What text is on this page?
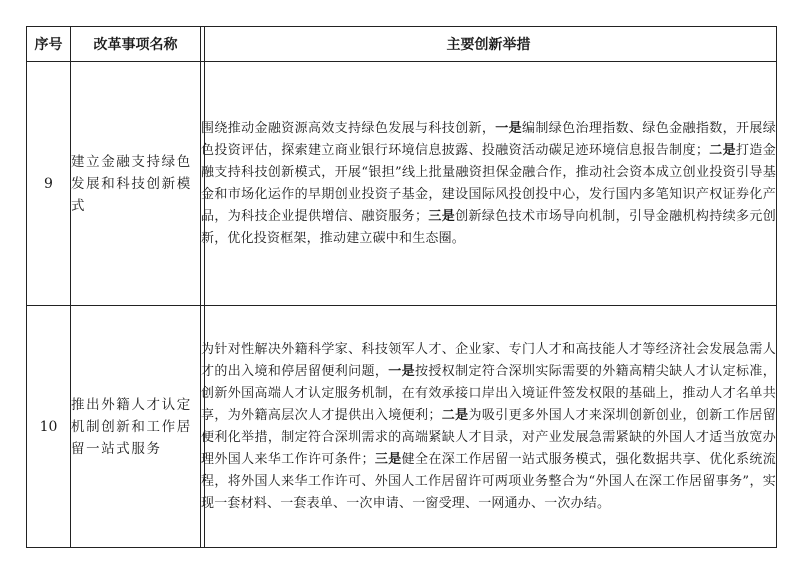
序号	改革事项名称	主要创新举措
9	建立金融支持绿色发展和科技创新模式	围绕推动金融资源高效支持绿色发展与科技创新，一是编制绿色治理指数、绿色金融指数，开展绿色投资评估，探索建立商业银行环境信息披露、投融资活动碳足迹环境信息报告制度；二是打造金融支持科技创新模式，开展“银担”线上批量融资担保金融合作，推动社会资本成立创业投资引导基金和市场化运作的早期创业投资子基金，建设国际风投创投中心，发行国内多笔知识产权证券化产品，为科技企业提供增信、融资服务；三是创新绿色技术市场导向机制，引导金融机构持续多元创新，优化投资框架，推动建立碳中和生态圈。

10	推出外籍人才认定机制创新和工作居留一站式服务	为针对性解决外籍科学家、科技领军人才、企业家、专门人才和高技能人才等经济社会发展急需人才的出入境和停居留便利问题，一是按授权制定符合深圳实际需要的外籍高精尖缺人才认定标准，创新外国高端人才认定服务机制，在有效承接口岸出入境证件签发权限的基础上，推动人才名单共享，为外籍高层次人才提供出入境便利；二是为吸引更多外国人才来深圳创新创业，创新工作居留便利化举措，制定符合深圳需求的高端紧缺人才目录，对产业发展急需紧缺的外国人才适当放宽办理外国人来华工作许可条件；三是健全在深工作居留一站式服务模式，强化数据共享、优化系统流程，将外国人来华工作许可、外国人工作居留许可两项业务整合为“外国人在深工作居留事务”，实现一套材料、一套表单、一次申请、一窗受理、一网通办、一次办结。
